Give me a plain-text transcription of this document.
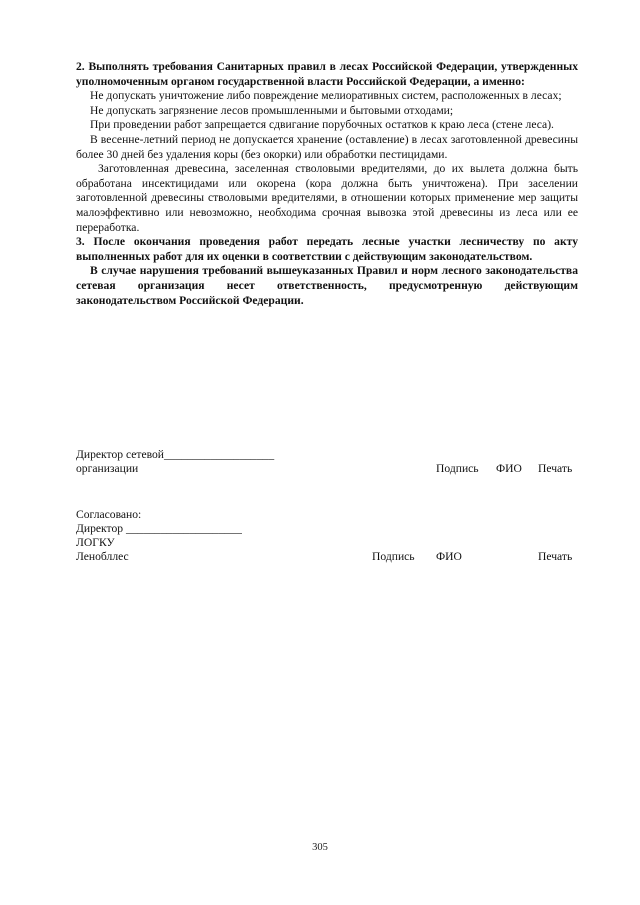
2. Выполнять требования Санитарных правил в лесах Российской Федерации, утвержденных уполномоченным органом государственной власти Российской Федерации, а именно:

Не допускать уничтожение либо повреждение мелиоративных систем, расположенных в лесах;

Не допускать загрязнение лесов промышленными и бытовыми отходами;

При проведении работ запрещается сдвигание порубочных остатков к краю леса (стене леса).

В весенне-летний период не допускается хранение (оставление) в лесах заготовленной древесины более 30 дней без удаления коры (без окорки) или обработки пестицидами.

Заготовленная древесина, заселенная стволовыми вредителями, до их вылета должна быть обработана инсектицидами или окорена (кора должна быть уничтожена). При заселении заготовленной древесины стволовыми вредителями, в отношении которых применение мер защиты малоэффективно или невозможно, необходима срочная вывозка этой древесины из леса или ее переработка.

3. После окончания проведения работ передать лесные участки лесничеству по акту выполненных работ для их оценки в соответствии с действующим законодательством.

В случае нарушения требований вышеуказанных Правил и норм лесного законодательства сетевая организация несет ответственность, предусмотренную действующим законодательством Российской Федерации.

Директор сетевой___________________
организации	Подпись ФИО Печать
Согласовано:
Директор ____________________
ЛОГКУ
Ленобллес	Подпись ФИО	Печать
305
